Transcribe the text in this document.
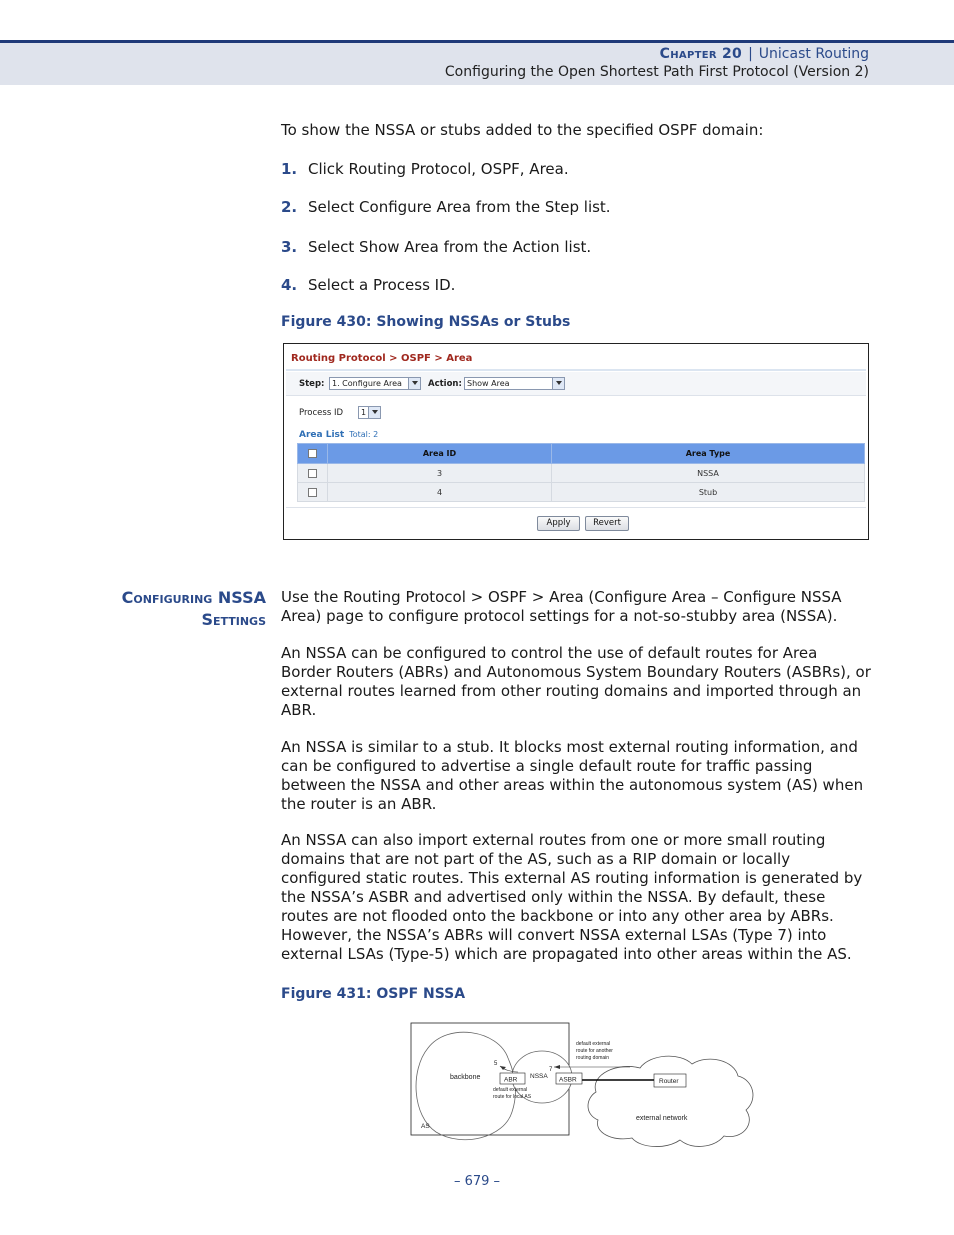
Chapter 20 | Unicast Routing
Configuring the Open Shortest Path First Protocol (Version 2)
To show the NSSA or stubs added to the specified OSPF domain:
1. Click Routing Protocol, OSPF, Area.
2. Select Configure Area from the Step list.
3. Select Show Area from the Action list.
4. Select a Process ID.
Figure 430: Showing NSSAs or Stubs
Routing Protocol > OSPF > Area
Step: 1. Configure Area	Action: Show Area
Process ID	1
Area List Total: 2
	Area ID	Area Type
	3	NSSA
	4	Stub
Apply	Revert
Configuring NSSA
Settings
Use the Routing Protocol > OSPF > Area (Configure Area – Configure NSSA Area) page to configure protocol settings for a not-so-stubby area (NSSA).
An NSSA can be configured to control the use of default routes for Area Border Routers (ABRs) and Autonomous System Boundary Routers (ASBRs), or external routes learned from other routing domains and imported through an ABR.
An NSSA is similar to a stub. It blocks most external routing information, and can be configured to advertise a single default route for traffic passing between the NSSA and other areas within the autonomous system (AS) when the router is an ABR.
An NSSA can also import external routes from one or more small routing domains that are not part of the AS, such as a RIP domain or locally configured static routes. This external AS routing information is generated by the NSSA’s ASBR and advertised only within the NSSA. By default, these routes are not flooded onto the backbone or into any other area by ABRs. However, the NSSA’s ABRs will convert NSSA external LSAs (Type 7) into external LSAs (Type-5) which are propagated into other areas within the AS.
Figure 431: OSPF NSSA
backbone	ABR NSSA ASBR	Router
external network
AS
5
7
default external
route for local AS
default external
route for another
routing domain
– 679 –
